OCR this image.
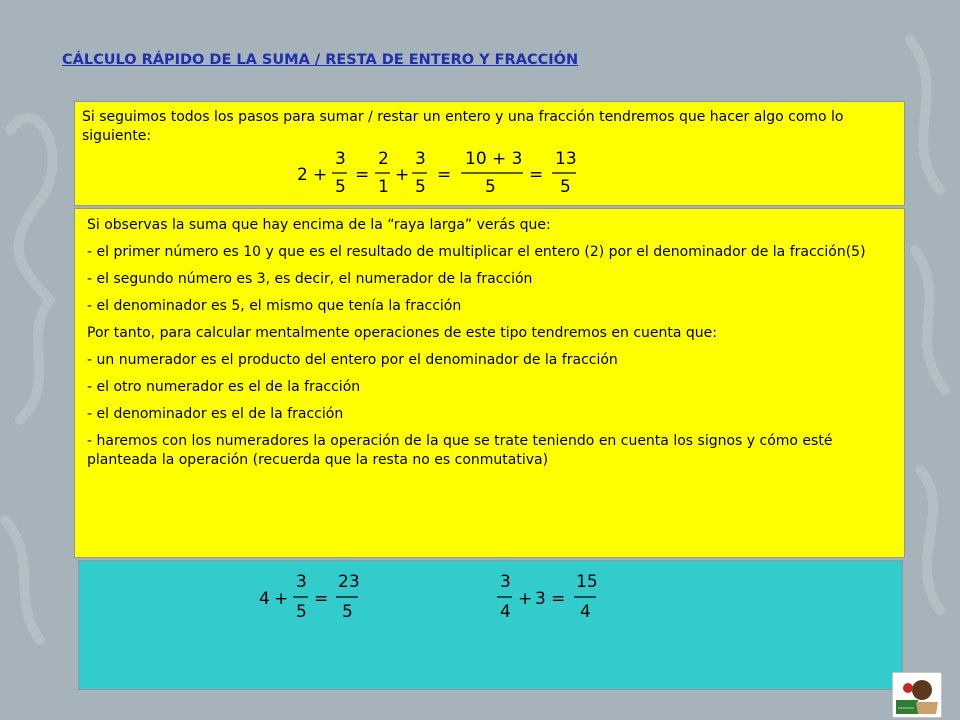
CÁLCULO RÁPIDO DE LA SUMA / RESTA DE ENTERO Y FRACCIÓN
Si seguimos todos los pasos para sumar / restar un entero y una fracción tendremos que hacer algo como lo siguiente:
2 +
3
5
=
2
1
+
3
5
=
10 + 3
5
=
13
5

Si observas la suma que hay encima de la “raya larga” verás que:

- el primer número es 10 y que es el resultado de multiplicar el entero (2) por el denominador de la fracción(5)

- el segundo número es 3, es decir, el numerador de la fracción

- el denominador es 5, el mismo que tenía la fracción

Por tanto, para calcular mentalmente operaciones de este tipo tendremos en cuenta que:

- un numerador es el producto del entero por el denominador de la fracción

- el otro numerador es el de la fracción

- el denominador es el de la fracción

- haremos con los numeradores la operación de la que se trate teniendo en cuenta los signos y cómo esté planteada la operación (recuerda que la resta no es conmutativa)

4 +
3
5
=
23
5
3
4
+ 3 =
15
4
